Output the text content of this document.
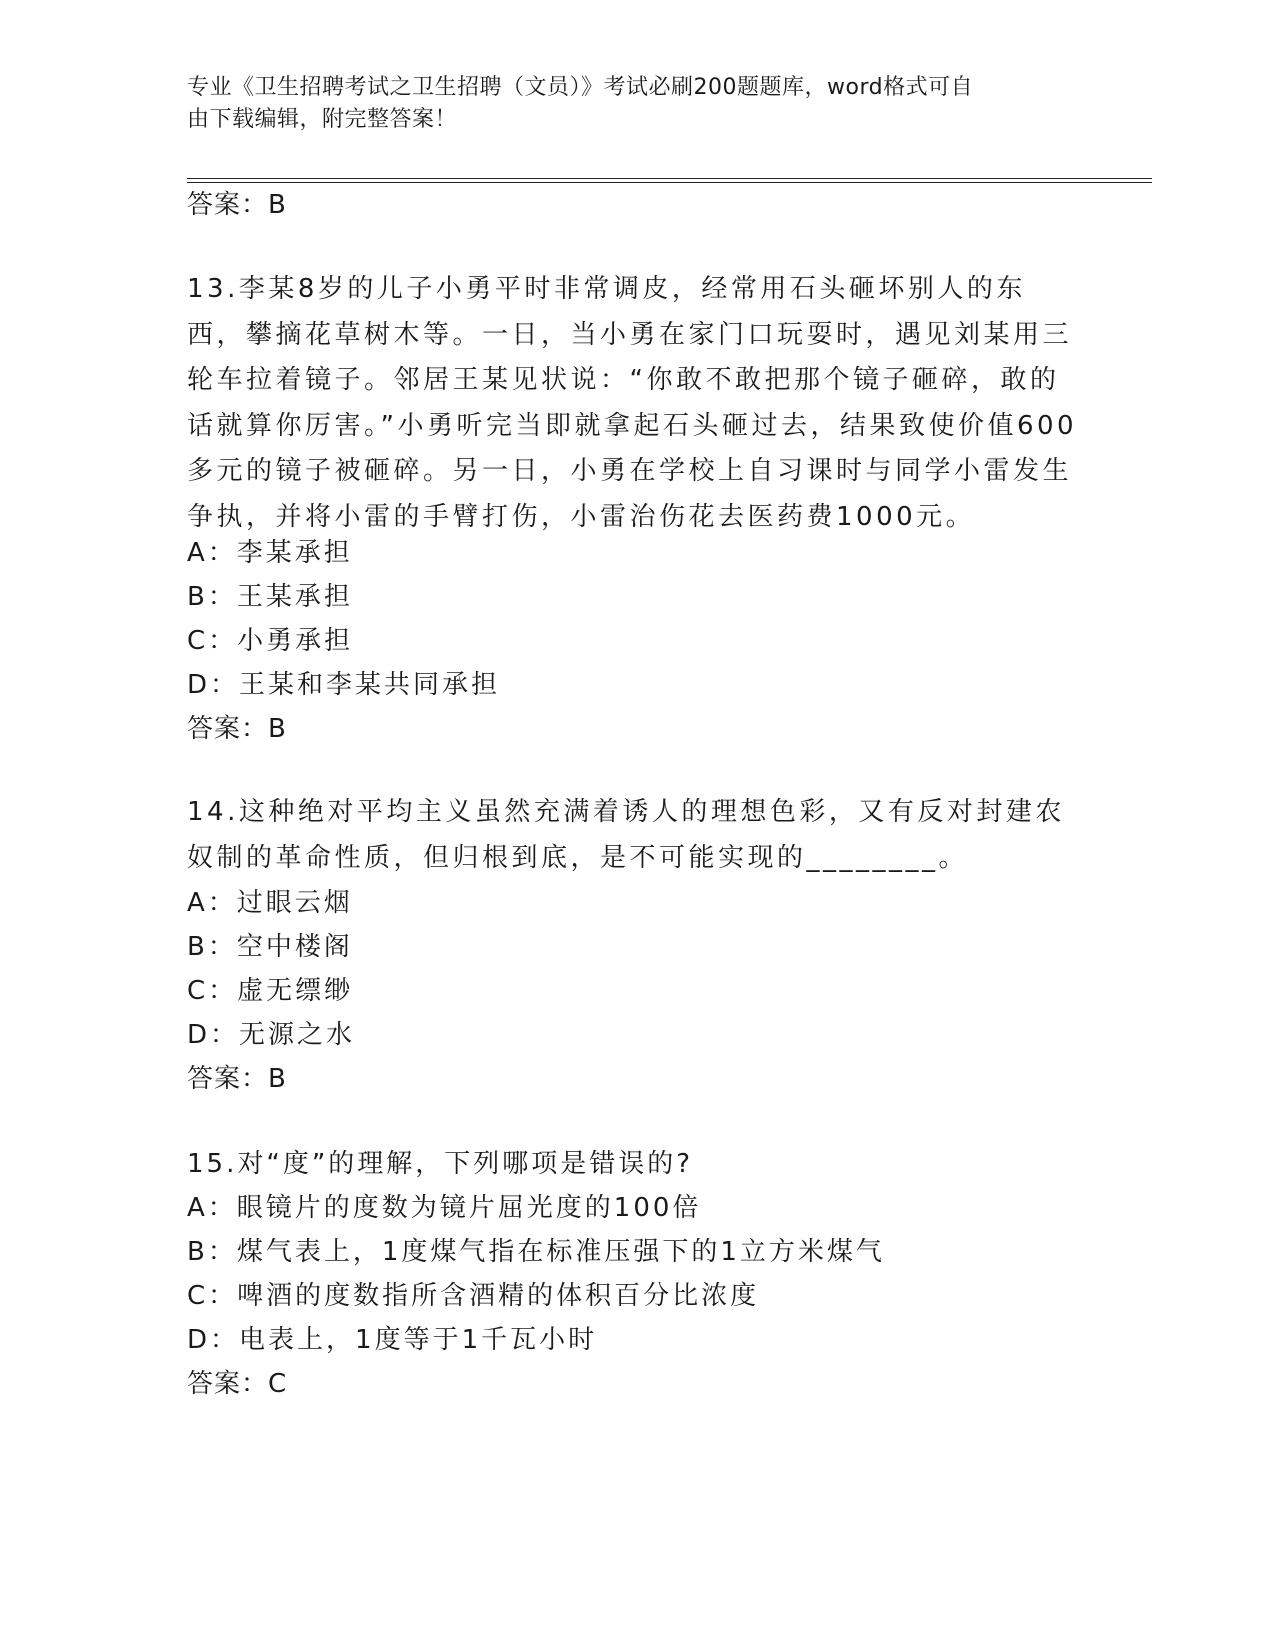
专业《卫生招聘考试之卫生招聘（文员）》考试必刷200题题库，word格式可自
由下载编辑，附完整答案！
答案：B
13.李某8岁的儿子小勇平时非常调皮，经常用石头砸坏别人的东西，攀摘花草树木等。一日，当小勇在家门口玩耍时，遇见刘某用三轮车拉着镜子。邻居王某见状说：“你敢不敢把那个镜子砸碎，敢的话就算你厉害。”小勇听完当即就拿起石头砸过去，结果致使价值600多元的镜子被砸碎。另一日，小勇在学校上自习课时与同学小雷发生争执，并将小雷的手臂打伤，小雷治伤花去医药费1000元。
A：李某承担
B：王某承担
C：小勇承担
D：王某和李某共同承担
答案：B
14.这种绝对平均主义虽然充满着诱人的理想色彩，又有反对封建农奴制的革命性质，但归根到底，是不可能实现的________。
A：过眼云烟
B：空中楼阁
C：虚无缥缈
D：无源之水
答案：B
15.对“度”的理解，下列哪项是错误的?
A：眼镜片的度数为镜片屈光度的100倍
B：煤气表上，1度煤气指在标准压强下的1立方米煤气
C：啤酒的度数指所含酒精的体积百分比浓度
D：电表上，1度等于1千瓦小时
答案：C
